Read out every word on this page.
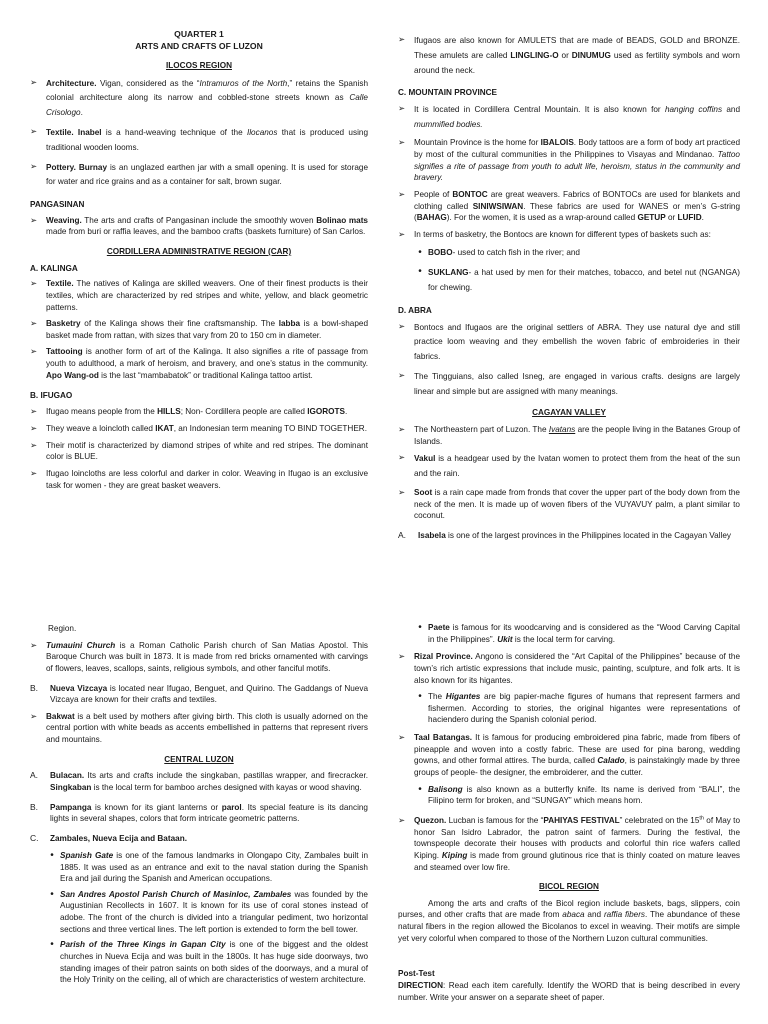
QUARTER 1

ARTS AND CRAFTS OF LUZON

ILOCOS REGION

➢	Architecture. Vigan, considered as the “Intramuros of the North,” retains the Spanish colonial architecture along its narrow and cobbled-stone streets known as Calle Crisologo.
➢	Textile. Inabel is a hand-weaving technique of the Ilocanos that is produced using traditional wooden looms.
➢	Pottery. Burnay is an unglazed earthen jar with a small opening. It is used for storage for water and rice grains and as a container for salt, brown sugar.

PANGASINAN

➢	Weaving. The arts and crafts of Pangasinan include the smoothly woven Bolinao mats made from buri or raffia leaves, and the bamboo crafts (baskets furniture) of San Carlos.

CORDILLERA ADMINISTRATIVE REGION (CAR)

A. KALINGA

➢	Textile. The natives of Kalinga are skilled weavers. One of their finest products is their textiles, which are characterized by red stripes and white, yellow, and black geometric patterns.
➢	Basketry of the Kalinga shows their fine craftsmanship. The labba is a bowl-shaped basket made from rattan, with sizes that vary from 20 to 150 cm in diameter.
➢	Tattooing is another form of art of the Kalinga. It also signifies a rite of passage from youth to adulthood, a mark of heroism, and bravery, and one’s status in the community. Apo Wang-od is the last “mambabatok” or traditional Kalinga tattoo artist.

B. IFUGAO

➢	Ifugao means people from the HILLS; Non- Cordillera people are called IGOROTS.
➢	They weave a loincloth called IKAT, an Indonesian term meaning TO BIND TOGETHER.
➢	Their motif is characterized by diamond stripes of white and red stripes. The dominant color is BLUE.
➢	Ifugao loincloths are less colorful and darker in color. Weaving in Ifugao is an exclusive task for women - they are great basket weavers.
➢	Ifugaos are also known for AMULETS that are made of BEADS, GOLD and BRONZE. These amulets are called LINGLING-O or DINUMUG used as fertility symbols and worn around the neck.

C. MOUNTAIN PROVINCE

➢	It is located in Cordillera Central Mountain. It is also known for hanging coffins and mummified bodies.
➢	Mountain Province is the home for IBALOIS. Body tattoos are a form of body art practiced by most of the cultural communities in the Philippines to Visayas and Mindanao. Tattoo signifies a rite of passage from youth to adult life, heroism, status in the community and bravery.
➢	People of BONTOC are great weavers. Fabrics of BONTOCs are used for blankets and clothing called SINIWSIWAN. These fabrics are used for WANES or men’s G-string (BAHAG). For the women, it is used as a wrap-around called GETUP or LUFID.
➢	In terms of basketry, the Bontocs are known for different types of baskets such as:
• BOBO- used to catch fish in the river; and
• SUKLANG- a hat used by men for their matches, tobacco, and betel nut (NGANGA) for chewing.

D. ABRA

➢	Bontocs and Ifugaos are the original settlers of ABRA. They use natural dye and still practice loom weaving and they embellish the woven fabric of embroideries in their fabrics.
➢	The Tingguians, also called Isneg, are engaged in various crafts. designs are largely linear and simple but are assigned with many meanings.

CAGAYAN VALLEY

➢	The Northeastern part of Luzon. The Ivatans are the people living in the Batanes Group of Islands.
➢	Vakul is a headgear used by the Ivatan women to protect them from the heat of the sun and the rain.
➢	Soot is a rain cape made from fronds that cover the upper part of the body down from the neck of the men. It is made up of woven fibers of the VUYAVUY palm, a plant similar to coconut.
A.	Isabela is one of the largest provinces in the Philippines located in the Cagayan Valley

Region.

➢	Tumauini Church is a Roman Catholic Parish church of San Matias Apostol. This Baroque Church was built in 1873. It is made from red bricks ornamented with carvings of flowers, leaves, scallops, saints, religious symbols, and other fanciful motifs.
B.	Nueva Vizcaya is located near Ifugao, Benguet, and Quirino. The Gaddangs of Nueva Vizcaya are known for their crafts and textiles.
➢	Bakwat is a belt used by mothers after giving birth. This cloth is usually adorned on the central portion with white beads as accents embellished in patterns that represent rivers and mountains.

CENTRAL LUZON

A.	Bulacan. Its arts and crafts include the singkaban, pastillas wrapper, and firecracker. Singkaban is the local term for bamboo arches designed with kayas or wood shaving.
B.	Pampanga is known for its giant lanterns or parol. Its special feature is its dancing lights in several shapes, colors that form intricate geometric patterns.
C.	Zambales, Nueva Ecija and Bataan.
• Spanish Gate is one of the famous landmarks in Olongapo City, Zambales built in 1885. It was used as an entrance and exit to the naval station during the Spanish Era and jail during the Spanish and American occupations.
• San Andres Apostol Parish Church of Masinloc, Zambales was founded by the Augustinian Recollects in 1607. It is known for its use of coral stones instead of adobe. The front of the church is divided into a triangular pediment, two horizontal sections and three vertical lines. The left portion is extended to form the bell tower.
• Parish of the Three Kings in Gapan City is one of the biggest and the oldest churches in Nueva Ecija and was built in the 1800s. It has huge side doorways, two standing images of their patron saints on both sides of the doorways, and a mural of the Holy Trinity on the ceiling, all of which are characteristics of western architecture.
• Paete is famous for its woodcarving and is considered as the “Wood Carving Capital in the Philippines”. Ukit is the local term for carving.
➢	Rizal Province. Angono is considered the “Art Capital of the Philippines” because of the town’s rich artistic expressions that include music, painting, sculpture, and folk arts. It is also known for its higantes.
• The Higantes are big papier-mache figures of humans that represent farmers and fishermen. According to stories, the original higantes were representations of haciendero during the Spanish colonial period.
➢	Taal Batangas. It is famous for producing embroidered pina fabric, made from fibers of pineapple and woven into a costly fabric. These are used for pina barong, wedding gowns, and other formal attires. The burda, called Calado, is painstakingly made by three groups of people- the designer, the embroiderer, and the cutter.
• Balisong is also known as a butterfly knife. Its name is derived from “BALI”, the Filipino term for broken, and “SUNGAY” which means horn.
➢	Quezon. Lucban is famous for the “PAHIYAS FESTIVAL” celebrated on the 15th of May to honor San Isidro Labrador, the patron saint of farmers. During the festival, the townspeople decorate their houses with products and colorful thin rice wafers called Kiping. Kiping is made from ground glutinous rice that is thinly coated on mature leaves and steamed over low fire.

BICOL REGION

Among the arts and crafts of the Bicol region include baskets, bags, slippers, coin purses, and other crafts that are made from abaca and raffia fibers. The abundance of these natural fibers in the region allowed the Bicolanos to excel in weaving. Their motifs are simple yet very colorful when compared to those of the Northern Luzon cultural communities.

Post-Test

DIRECTION: Read each item carefully. Identify the WORD that is being described in every number. Write your answer on a separate sheet of paper.
